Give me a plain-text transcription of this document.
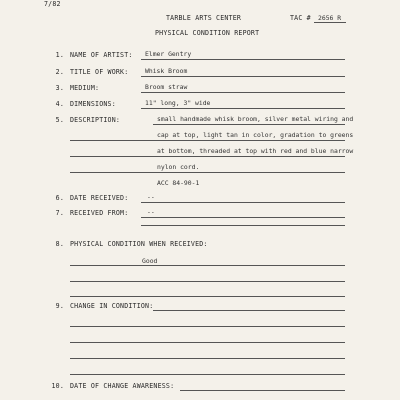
7/82
TARBLE ARTS CENTER	TAC # 2656 R
PHYSICAL CONDITION REPORT
1. NAME OF ARTIST: Elmer Gentry
2. TITLE OF WORK:	Whisk Broom
3. MEDIUM:	Broom straw
4. DIMENSIONS:	11" long, 3" wide
5. DESCRIPTION:	small handmade whisk broom, silver metal wiring and
cap at top, light tan in color, gradation to greens
at bottom, threaded at top with red and blue narrow
nylon cord.
ACC 84-90-1
6. DATE RECEIVED:	--
7. RECEIVED FROM:	--
8. PHYSICAL CONDITION WHEN RECEIVED:
Good
9. CHANGE IN CONDITION:
10. DATE OF CHANGE AWARENESS:
